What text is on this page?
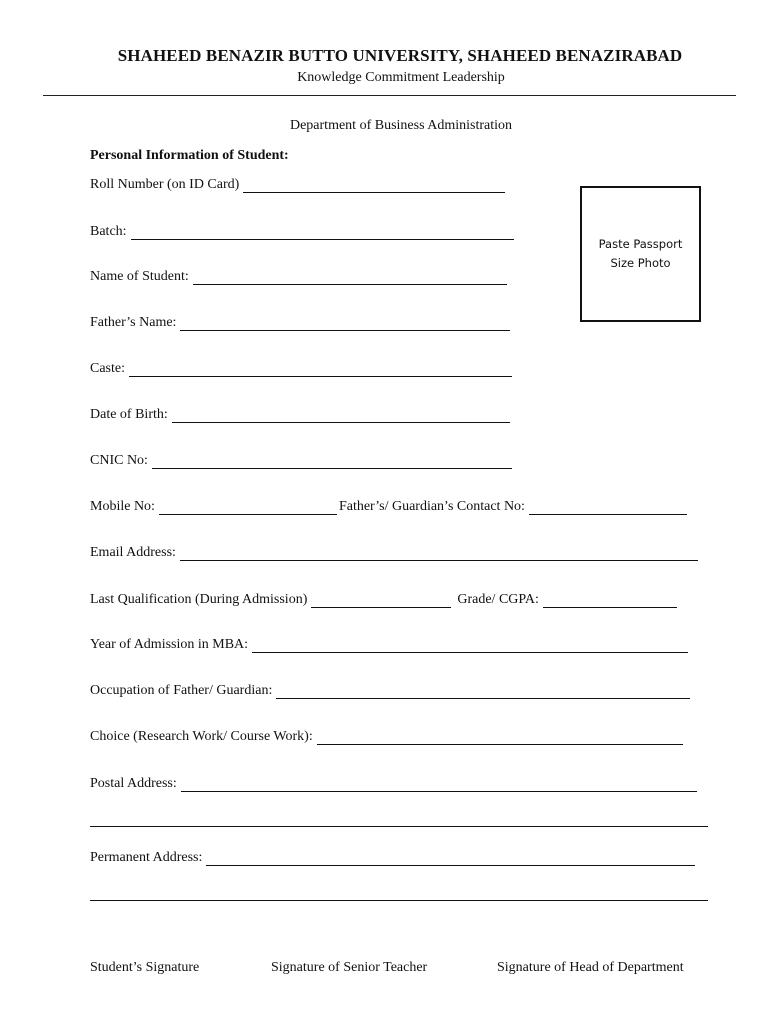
SHAHEED BENAZIR BUTTO UNIVERSITY, SHAHEED BENAZIRABAD
Knowledge Commitment Leadership
Department of Business Administration
Personal Information of Student:
Paste Passport
Size Photo
Roll Number (on ID Card)
Batch:
Name of Student:
Father’s Name:
Caste:
Date of Birth:
CNIC No:
Mobile No:	Father’s/ Guardian’s Contact No:
Email Address:
Last Qualification (During Admission)	Grade/ CGPA:
Year of Admission in MBA:
Occupation of Father/ Guardian:
Choice (Research Work/ Course Work):
Postal Address:
Permanent Address:
Student’s Signature	Signature of Senior Teacher	Signature of Head of Department
